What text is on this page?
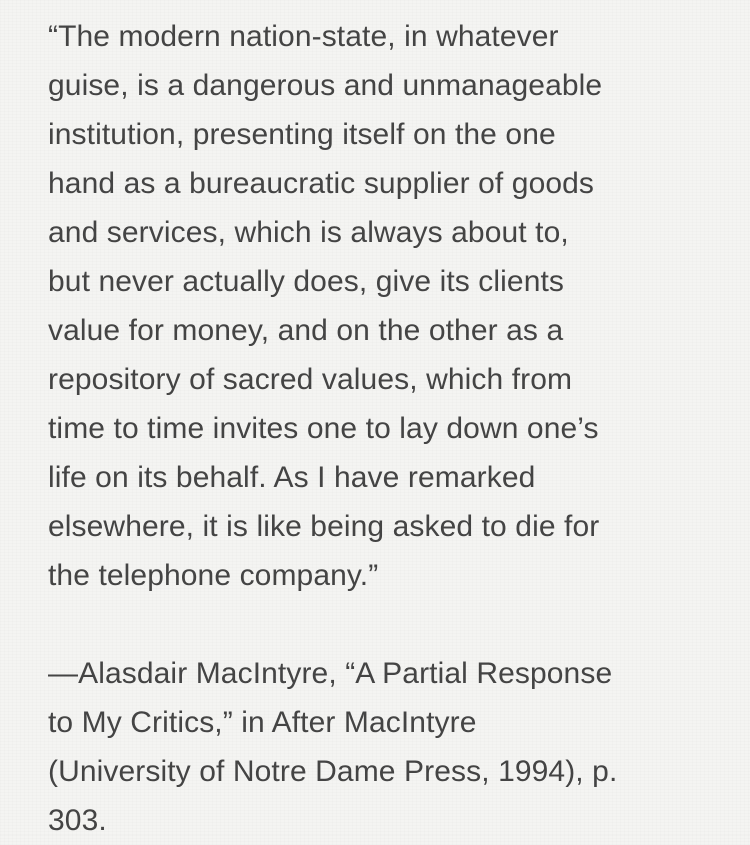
“The modern nation-state, in whatever
guise, is a dangerous and unmanageable
institution, presenting itself on the one
hand as a bureaucratic supplier of goods
and services, which is always about to,
but never actually does, give its clients
value for money, and on the other as a
repository of sacred values, which from
time to time invites one to lay down one’s
life on its behalf. As I have remarked
elsewhere, it is like being asked to die for
the telephone company.”
—Alasdair MacIntyre, “A Partial Response
to My Critics,” in After MacIntyre
(University of Notre Dame Press, 1994), p.
303.
